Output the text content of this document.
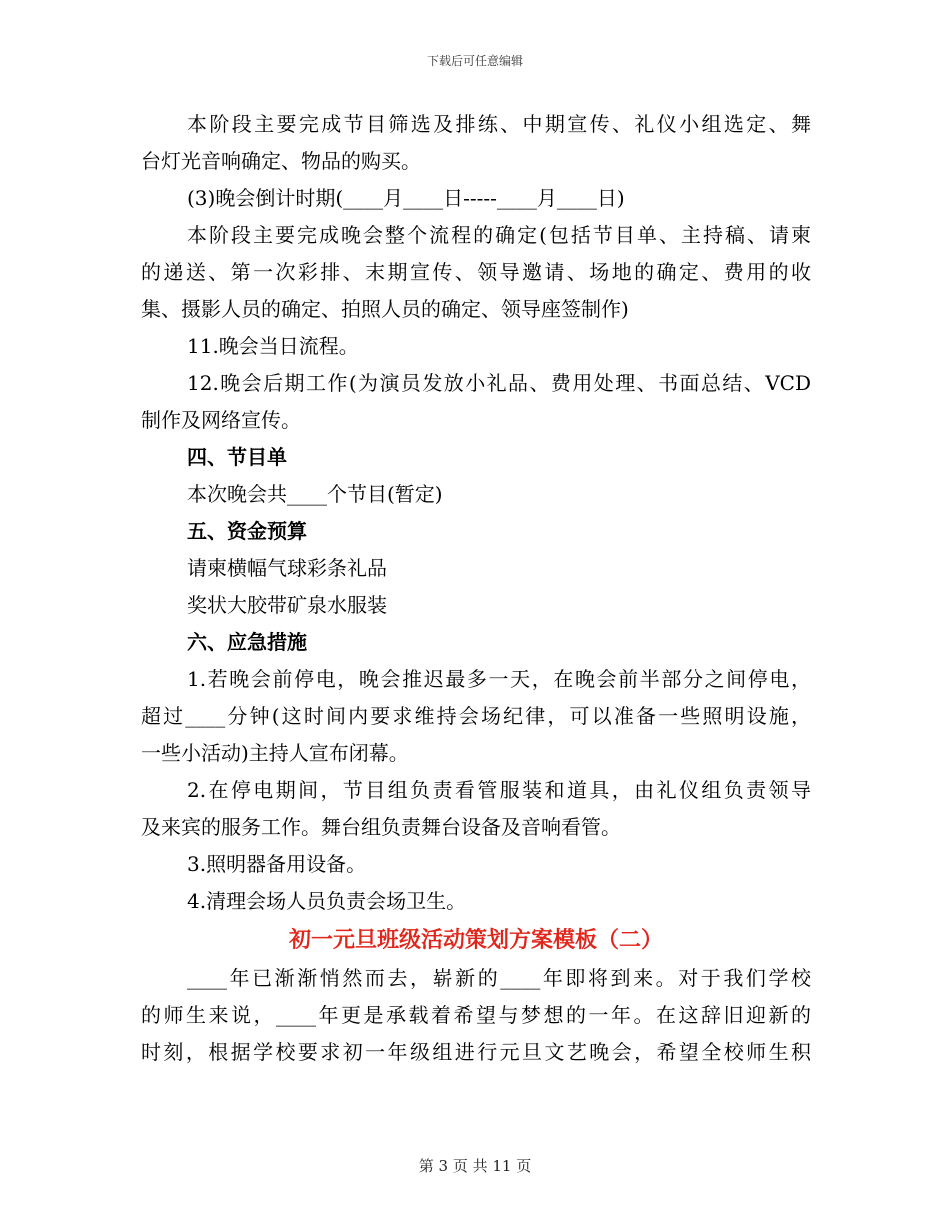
下载后可任意编辑
本阶段主要完成节目筛选及排练、中期宣传、礼仪小组选定、舞
台灯光音响确定、物品的购买。
(3)晚会倒计时期(____月____日-----____月____日)
本阶段主要完成晚会整个流程的确定(包括节目单、主持稿、请柬
的递送、第一次彩排、末期宣传、领导邀请、场地的确定、费用的收
集、摄影人员的确定、拍照人员的确定、领导座签制作)
11.晚会当日流程。
12.晚会后期工作(为演员发放小礼品、费用处理、书面总结、VCD
制作及网络宣传。
四、节目单
本次晚会共____个节目(暂定)
五、资金预算
请柬横幅气球彩条礼品
奖状大胶带矿泉水服装
六、应急措施
1.若晚会前停电，晚会推迟最多一天，在晚会前半部分之间停电，
超过____分钟(这时间内要求维持会场纪律，可以准备一些照明设施，
一些小活动)主持人宣布闭幕。
2.在停电期间，节目组负责看管服装和道具，由礼仪组负责领导
及来宾的服务工作。舞台组负责舞台设备及音响看管。
3.照明器备用设备。
4.清理会场人员负责会场卫生。
初一元旦班级活动策划方案模板（二）
____年已渐渐悄然而去，崭新的____年即将到来。对于我们学校
的师生来说，____年更是承载着希望与梦想的一年。在这辞旧迎新的
时刻，根据学校要求初一年级组进行元旦文艺晚会，希望全校师生积
第 3 页 共 11 页
